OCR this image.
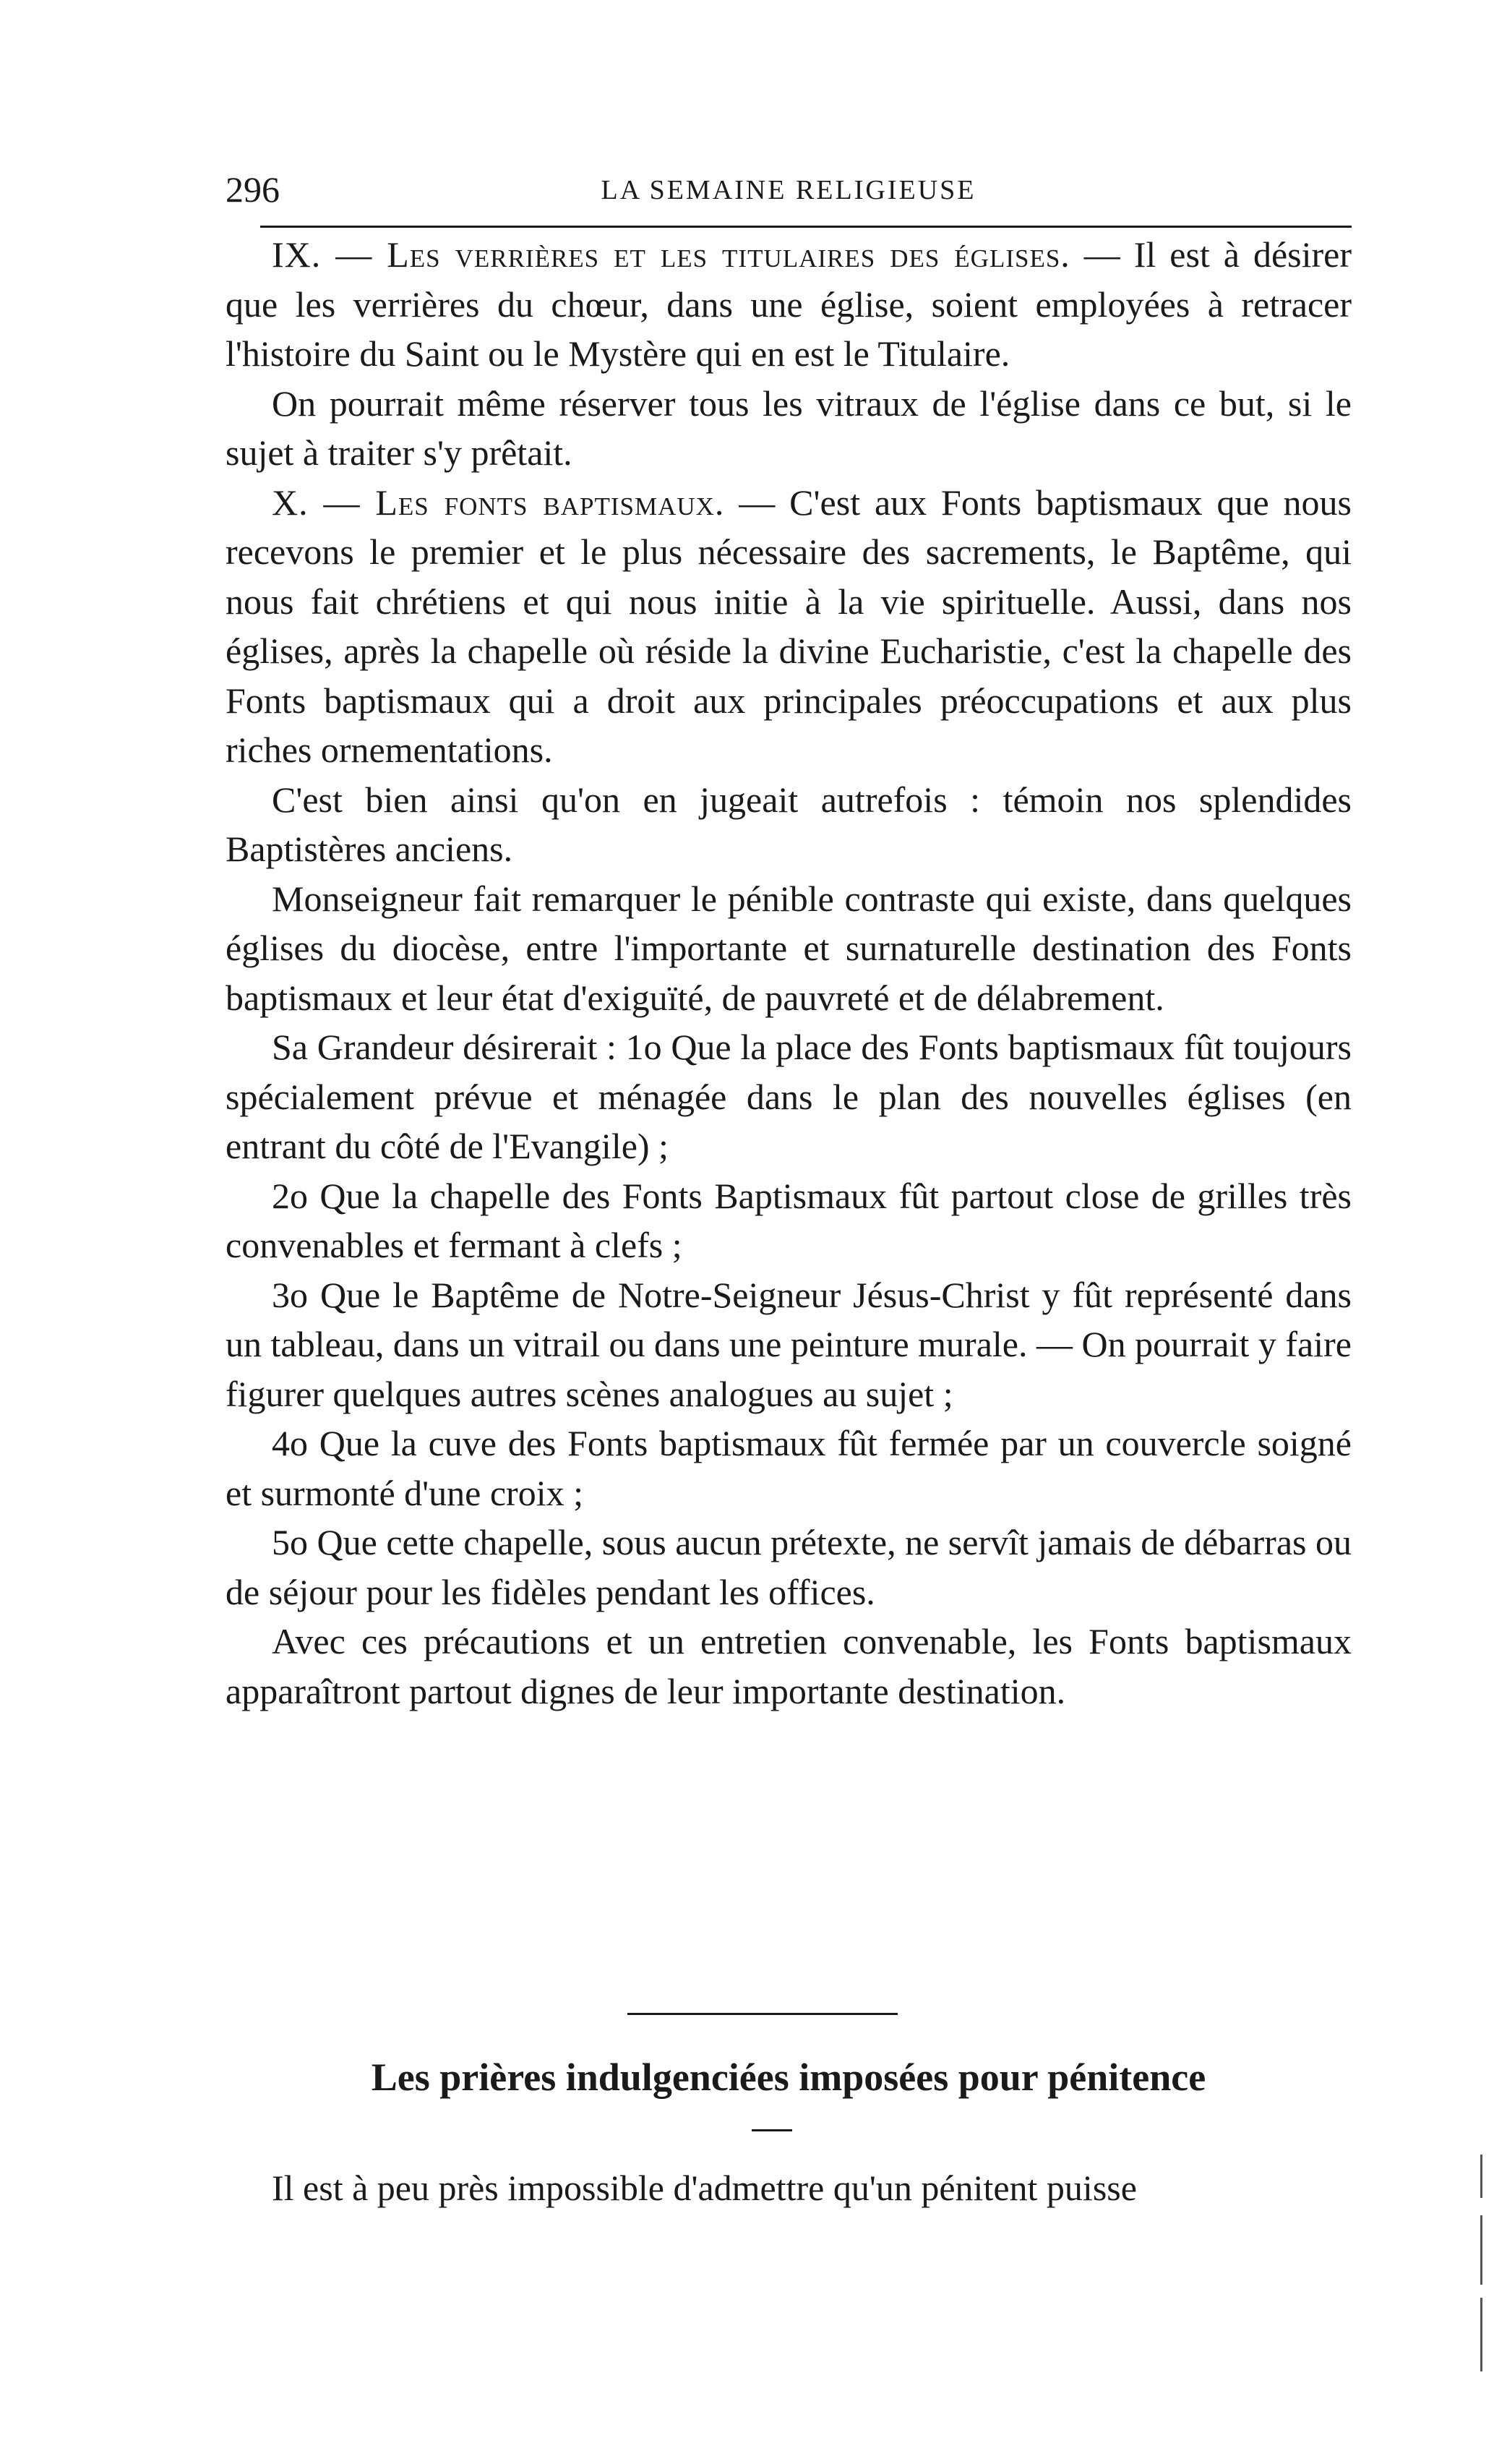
296	LA SEMAINE RELIGIEUSE

IX. — Les verrières et les titulaires des églises. — Il est à désirer que les verrières du chœur, dans une église, soient employées à retracer l'histoire du Saint ou le Mystère qui en est le Titulaire.

On pourrait même réserver tous les vitraux de l'église dans ce but, si le sujet à traiter s'y prêtait.

X. — Les fonts baptismaux. — C'est aux Fonts baptismaux que nous recevons le premier et le plus nécessaire des sacrements, le Baptême, qui nous fait chrétiens et qui nous initie à la vie spirituelle. Aussi, dans nos églises, après la chapelle où réside la divine Eucharistie, c'est la chapelle des Fonts baptismaux qui a droit aux principales préoccupations et aux plus riches ornementations.

C'est bien ainsi qu'on en jugeait autrefois : témoin nos splendides Baptistères anciens.

Monseigneur fait remarquer le pénible contraste qui existe, dans quelques églises du diocèse, entre l'importante et surnaturelle destination des Fonts baptismaux et leur état d'exiguïté, de pauvreté et de délabrement.

Sa Grandeur désirerait : 1o Que la place des Fonts baptismaux fût toujours spécialement prévue et ménagée dans le plan des nouvelles églises (en entrant du côté de l'Evangile) ;

2o Que la chapelle des Fonts Baptismaux fût partout close de grilles très convenables et fermant à clefs ;

3o Que le Baptême de Notre-Seigneur Jésus-Christ y fût représenté dans un tableau, dans un vitrail ou dans une peinture murale. — On pourrait y faire figurer quelques autres scènes analogues au sujet ;

4o Que la cuve des Fonts baptismaux fût fermée par un couvercle soigné et surmonté d'une croix ;

5o Que cette chapelle, sous aucun prétexte, ne servît jamais de débarras ou de séjour pour les fidèles pendant les offices.

Avec ces précautions et un entretien convenable, les Fonts baptismaux apparaîtront partout dignes de leur importante destination.

Les prières indulgenciées imposées pour pénitence
Il est à peu près impossible d'admettre qu'un pénitent puisse
